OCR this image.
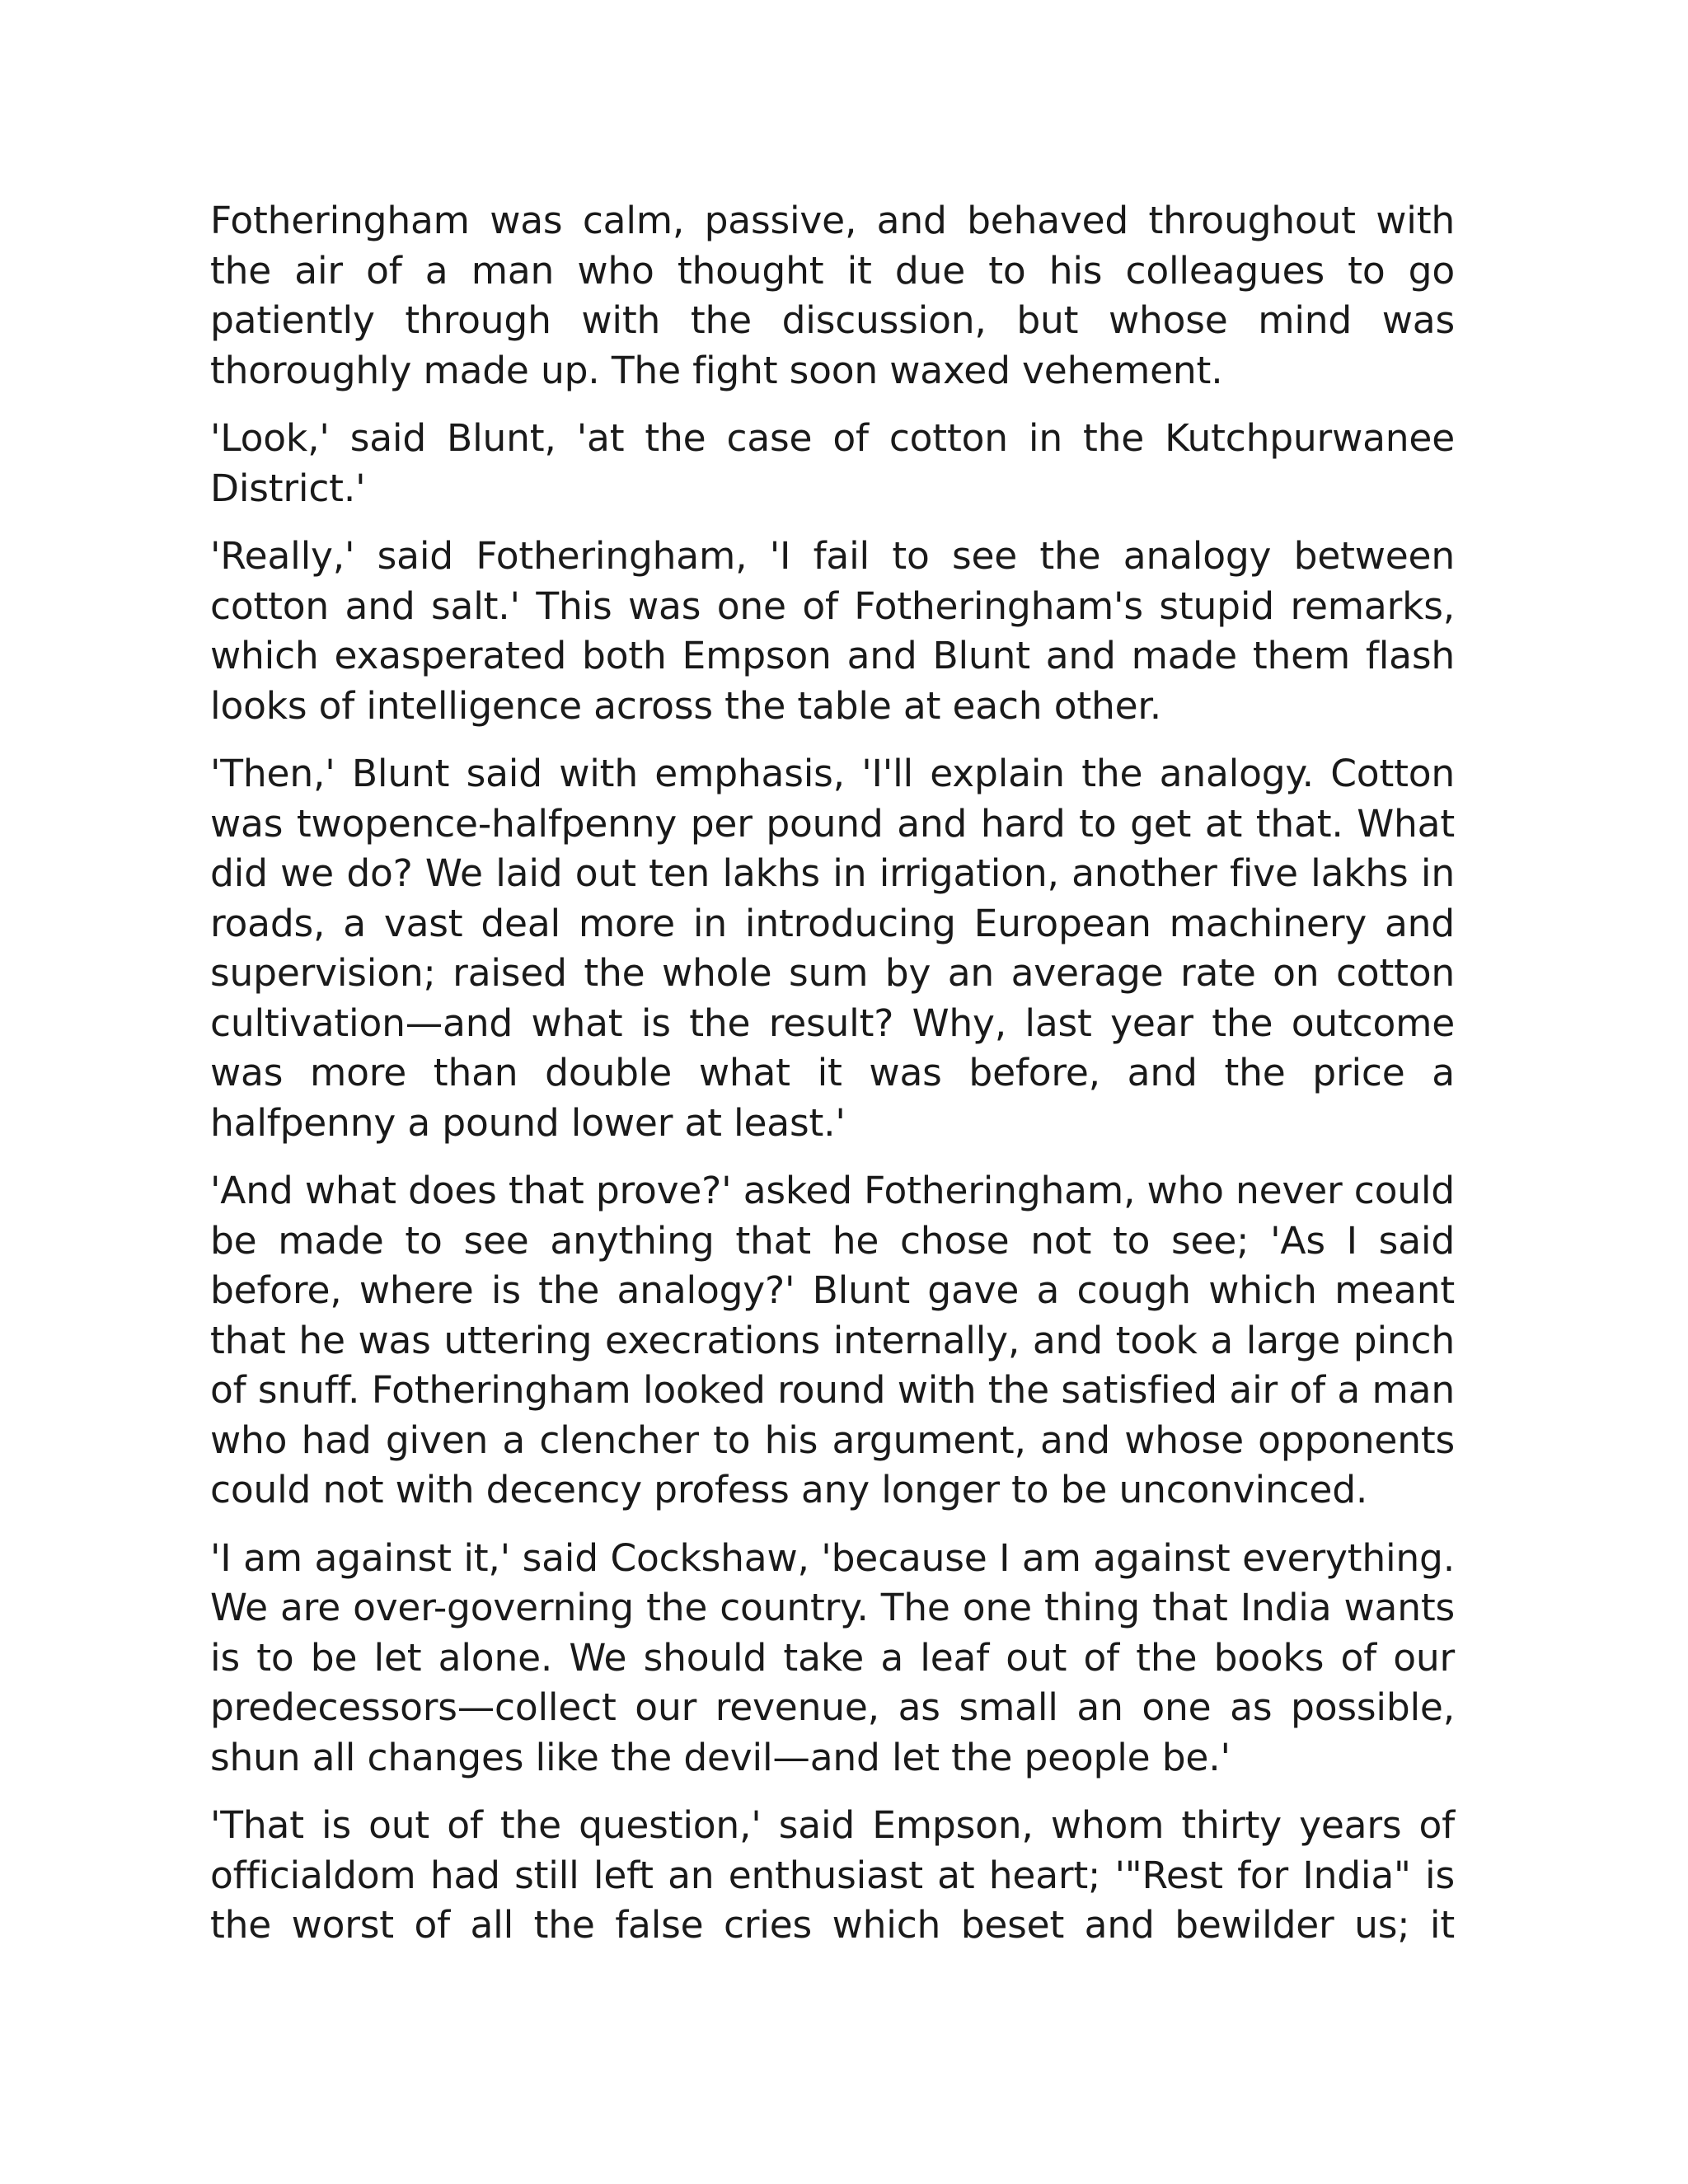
Fotheringham was calm, passive, and behaved throughout with the air of a man who thought it due to his colleagues to go patiently through with the discussion, but whose mind was thoroughly made up. The fight soon waxed vehement.

'Look,' said Blunt, 'at the case of cotton in the Kutchpurwanee District.'

'Really,' said Fotheringham, 'I fail to see the analogy between cotton and salt.' This was one of Fotheringham's stupid remarks, which exasperated both Empson and Blunt and made them flash looks of intelligence across the table at each other.

'Then,' Blunt said with emphasis, 'I'll explain the analogy. Cotton was twopence-halfpenny per pound and hard to get at that. What did we do? We laid out ten lakhs in irrigation, another five lakhs in roads, a vast deal more in introducing European machinery and supervision; raised the whole sum by an average rate on cotton cultivation—and what is the result? Why, last year the outcome was more than double what it was before, and the price a halfpenny a pound lower at least.'

'And what does that prove?' asked Fotheringham, who never could be made to see anything that he chose not to see; 'As I said before, where is the analogy?' Blunt gave a cough which meant that he was uttering execrations internally, and took a large pinch of snuff. Fotheringham looked round with the satisfied air of a man who had given a clencher to his argument, and whose opponents could not with decency profess any longer to be unconvinced.

'I am against it,' said Cockshaw, 'because I am against everything. We are over-governing the country. The one thing that India wants is to be let alone. We should take a leaf out of the books of our predecessors—collect our revenue, as small an one as possible, shun all changes like the devil—and let the people be.'

'That is out of the question,' said Empson, whom thirty years of officialdom had still left an enthusiast at heart; '"Rest for India" is the worst of all the false cries which beset and bewilder us; it
